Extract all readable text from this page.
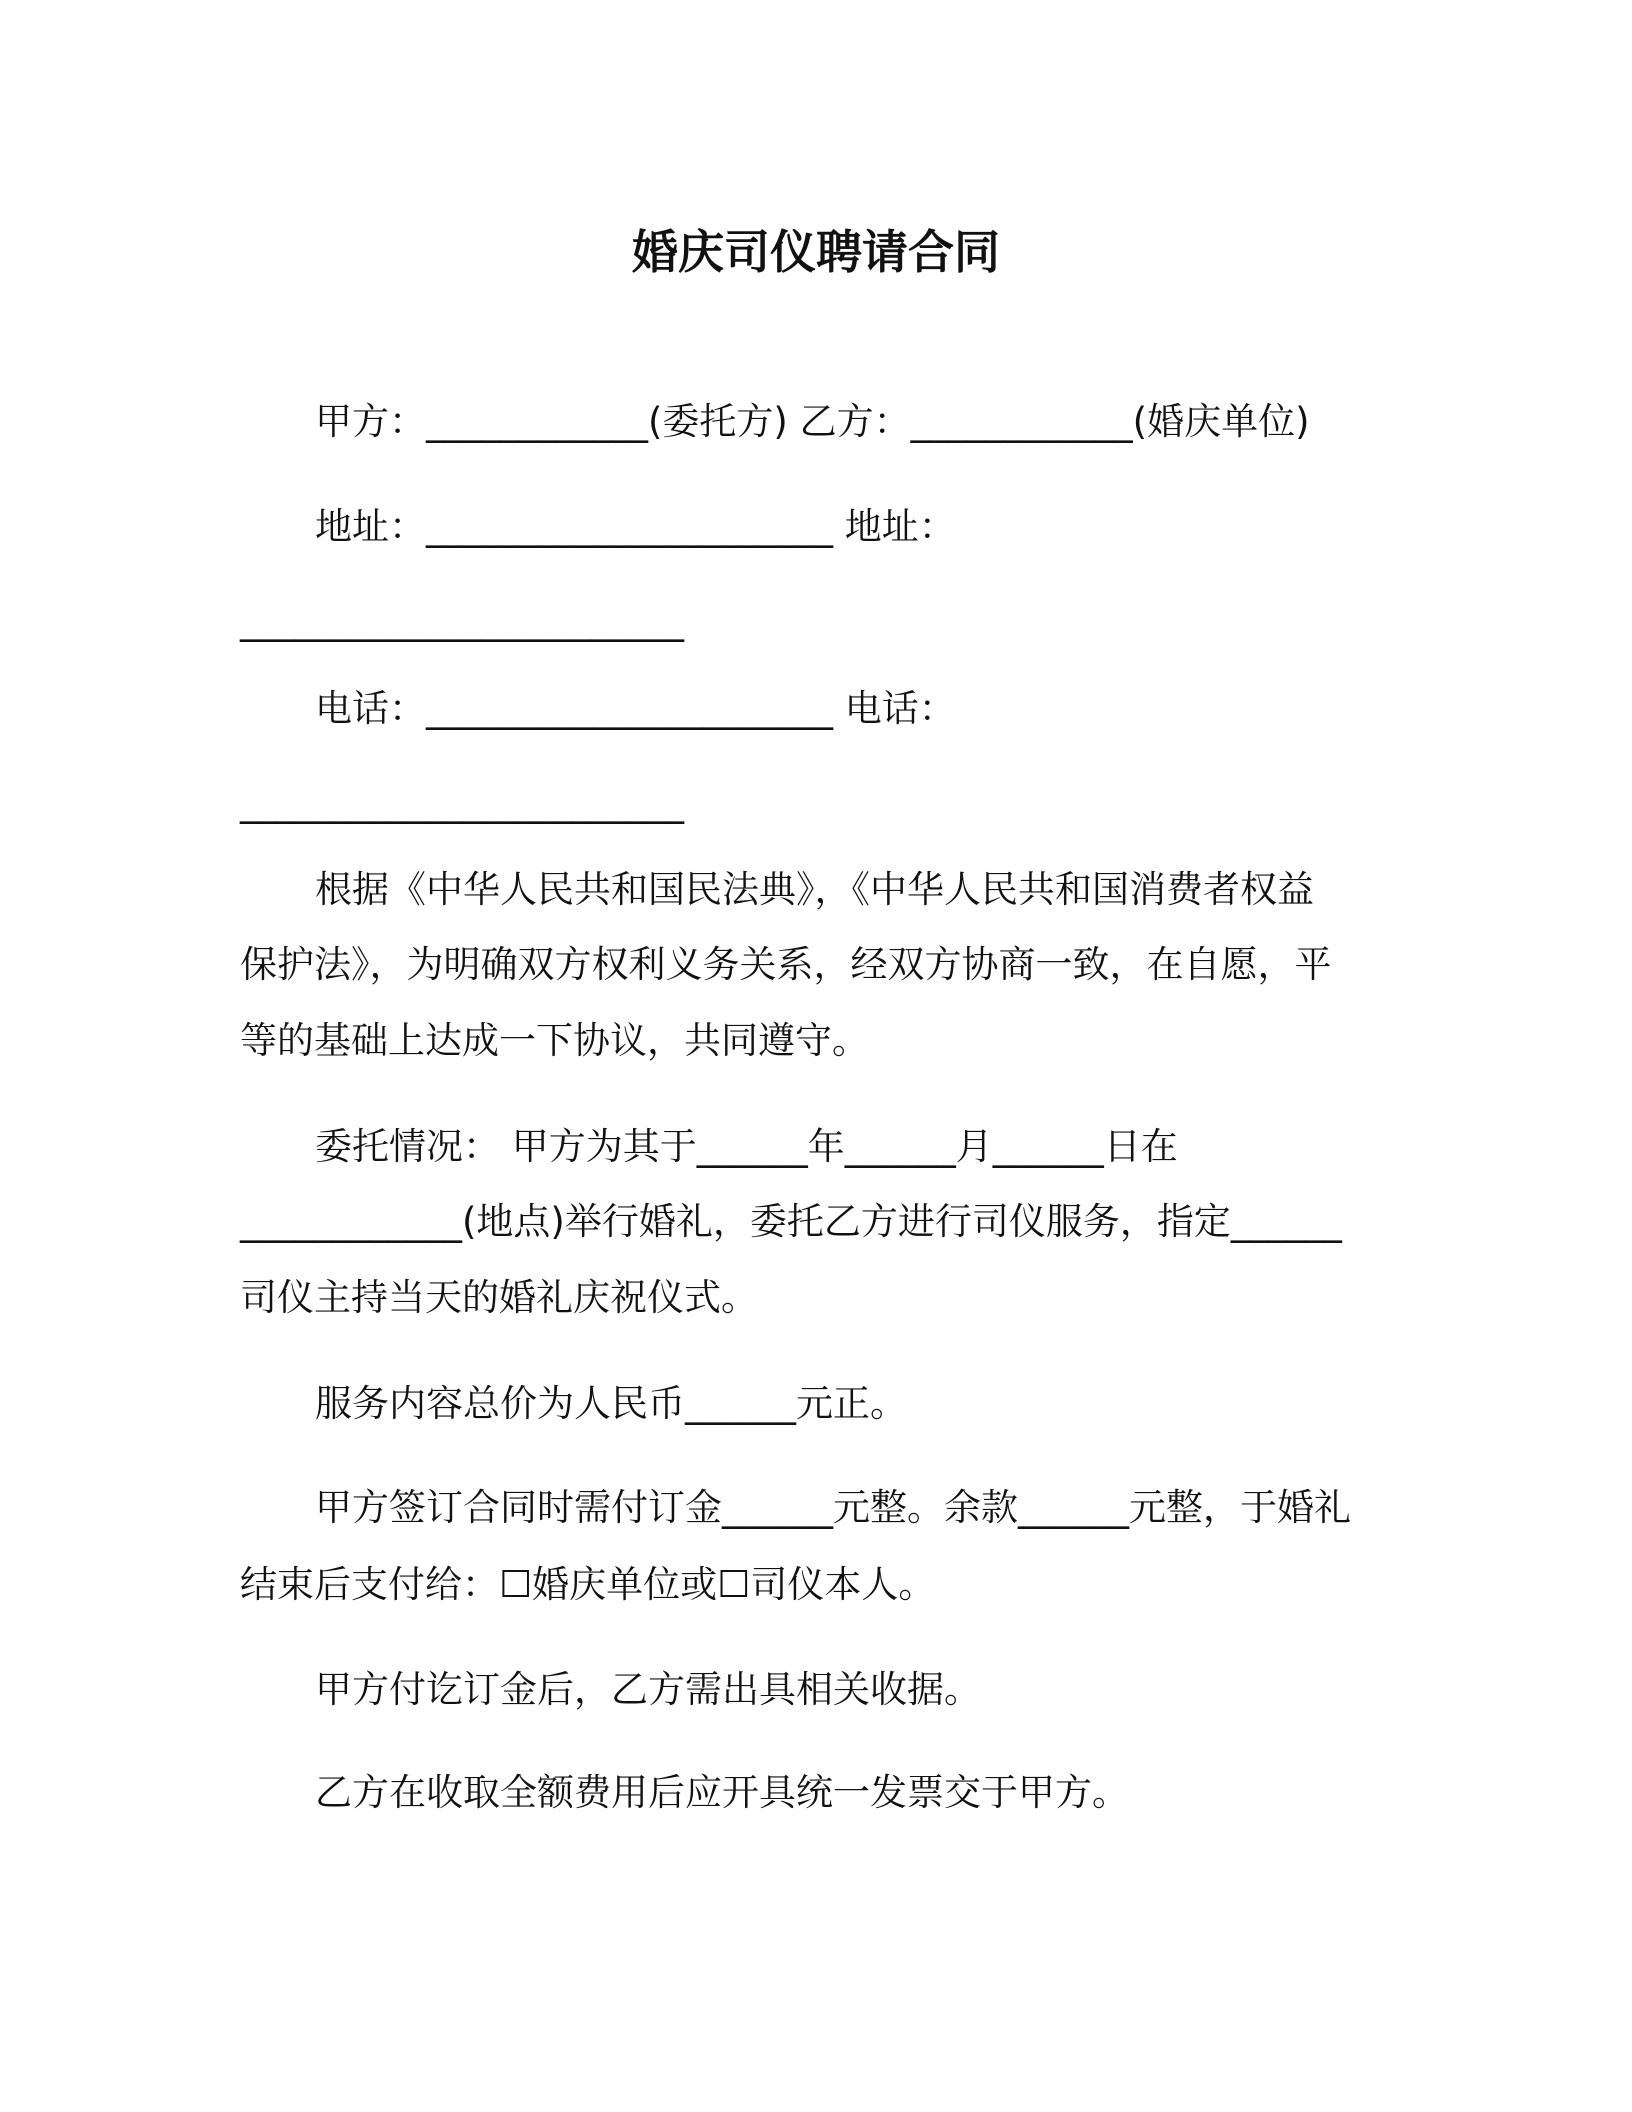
婚庆司仪聘请合同
甲方：____________(委托方) 乙方：____________(婚庆单位)
地址：______________________ 地址：
________________________
电话：______________________ 电话：
________________________
根据《中华人民共和国民法典》，《中华人民共和国消费者权益
保护法》，为明确双方权利义务关系，经双方协商一致，在自愿，平
等的基础上达成一下协议，共同遵守。
委托情况： 甲方为其于______年______月______日在
____________(地点)举行婚礼，委托乙方进行司仪服务，指定______
司仪主持当天的婚礼庆祝仪式。
服务内容总价为人民币______元正。
甲方签订合同时需付订金______元整。余款______元整，于婚礼
结束后支付给：☐婚庆单位或☐司仪本人。
甲方付讫订金后，乙方需出具相关收据。
乙方在收取全额费用后应开具统一发票交于甲方。
